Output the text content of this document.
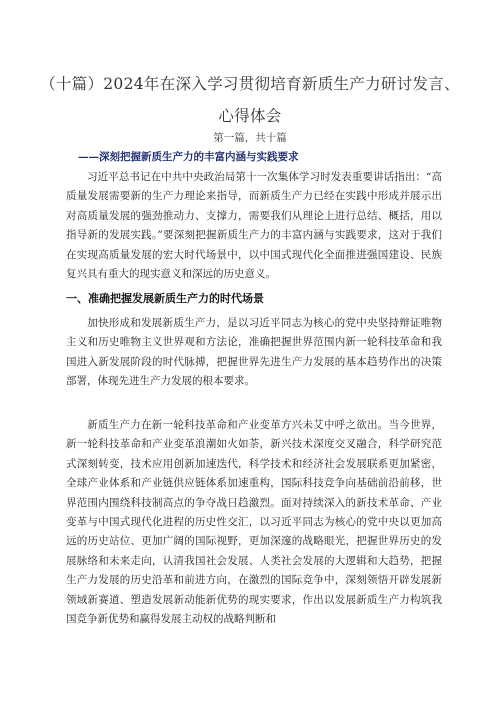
（十篇）2024年在深入学习贯彻培育新质生产力研讨发言、
心得体会
第一篇，共十篇
——深刻把握新质生产力的丰富内涵与实践要求

习近平总书记在中共中央政治局第十一次集体学习时发表重要讲话指出：“高质量发展需要新的生产力理论来指导，而新质生产力已经在实践中形成并展示出对高质量发展的强劲推动力、支撑力，需要我们从理论上进行总结、概括，用以指导新的发展实践。”要深刻把握新质生产力的丰富内涵与实践要求，这对于我们在实现高质量发展的宏大时代场景中，以中国式现代化全面推进强国建设、民族复兴具有重大的现实意义和深远的历史意义。

一、准确把握发展新质生产力的时代场景

加快形成和发展新质生产力，是以习近平同志为核心的党中央坚持辩证唯物主义和历史唯物主义世界观和方法论，准确把握世界范围内新一轮科技革命和我国进入新发展阶段的时代脉搏，把握世界先进生产力发展的基本趋势作出的决策部署，体现先进生产力发展的根本要求。

新质生产力在新一轮科技革命和产业变革方兴未艾中呼之欲出。当今世界，新一轮科技革命和产业变革浪潮如火如荼，新兴技术深度交叉融合，科学研究范式深刻转变，技术应用创新加速迭代，科学技术和经济社会发展联系更加紧密，全球产业体系和产业链供应链体系加速重构，国际科技竞争向基础前沿前移，世界范围内围绕科技制高点的争夺战日趋激烈。面对持续深入的新技术革命、产业变革与中国式现代化进程的历史性交汇，以习近平同志为核心的党中央以更加高远的历史站位、更加广阔的国际视野，更加深邃的战略眼光，把握世界历史的发展脉络和未来走向，认清我国社会发展、人类社会发展的大逻辑和大趋势，把握生产力发展的历史沿革和前进方向，在激烈的国际竞争中，深刻领悟开辟发展新领域新赛道、塑造发展新动能新优势的现实要求，作出以发展新质生产力构筑我国竞争新优势和赢得发展主动权的战略判断和
